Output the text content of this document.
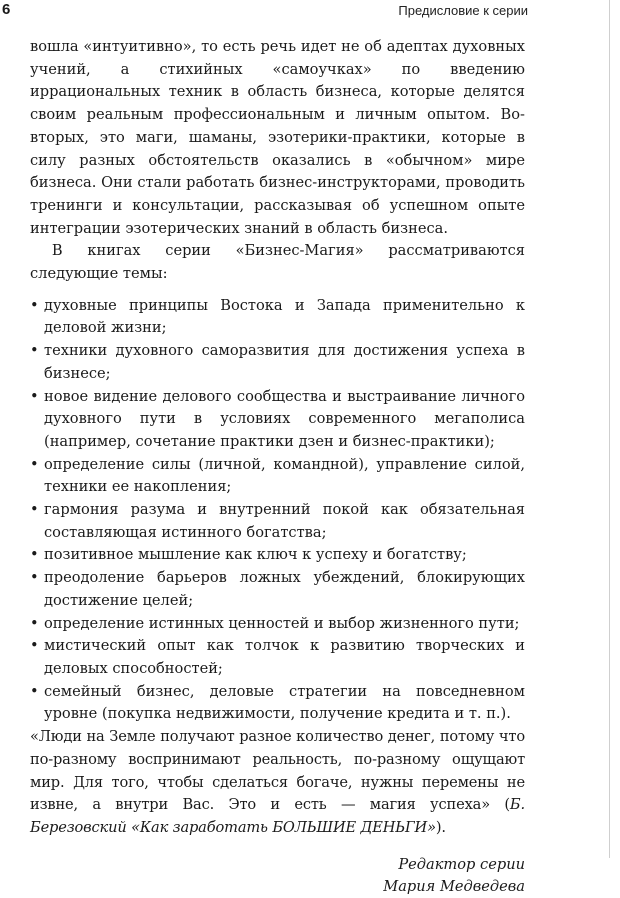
6	Предисловие к серии

вошла «интуитивно», то есть речь идет не об адептах духовных учений, а стихийных «самоучках» по введению иррациональных техник в область бизнеса, которые делятся своим реальным профессиональным и личным опытом. Во-вторых, это маги, шаманы, эзотерики-практики, которые в силу разных обстоятельств оказались в «обычном» мире бизнеса. Они стали работать бизнес-инструкторами, проводить тренинги и консультации, рассказывая об успешном опыте интеграции эзотерических знаний в область бизнеса.

В книгах серии «Бизнес-Магия» рассматриваются следующие темы:

• духовные принципы Востока и Запада применительно к деловой жизни;
• техники духовного саморазвития для достижения успеха в бизнесе;
• новое видение делового сообщества и выстраивание личного духовного пути в условиях современного мегаполиса (например, сочетание практики дзен и бизнес-практики);
• определение силы (личной, командной), управление силой, техники ее накопления;
• гармония разума и внутренний покой как обязательная составляющая истинного богатства;
• позитивное мышление как ключ к успеху и богатству;
• преодоление барьеров ложных убеждений, блокирующих достижение целей;
• определение истинных ценностей и выбор жизненного пути;
• мистический опыт как толчок к развитию творческих и деловых способностей;
• семейный бизнес, деловые стратегии на повседневном уровне (покупка недвижимости, получение кредита и т. п.).

«Люди на Земле получают разное количество денег, потому что по-разному воспринимают реальность, по-разному ощущают мир. Для того, чтобы сделаться богаче, нужны перемены не извне, а внутри Вас. Это и есть — магия успеха» (Б. Березовский «Как заработать БОЛЬШИЕ ДЕНЬГИ»).

Редактор серии
Мария Медведева
